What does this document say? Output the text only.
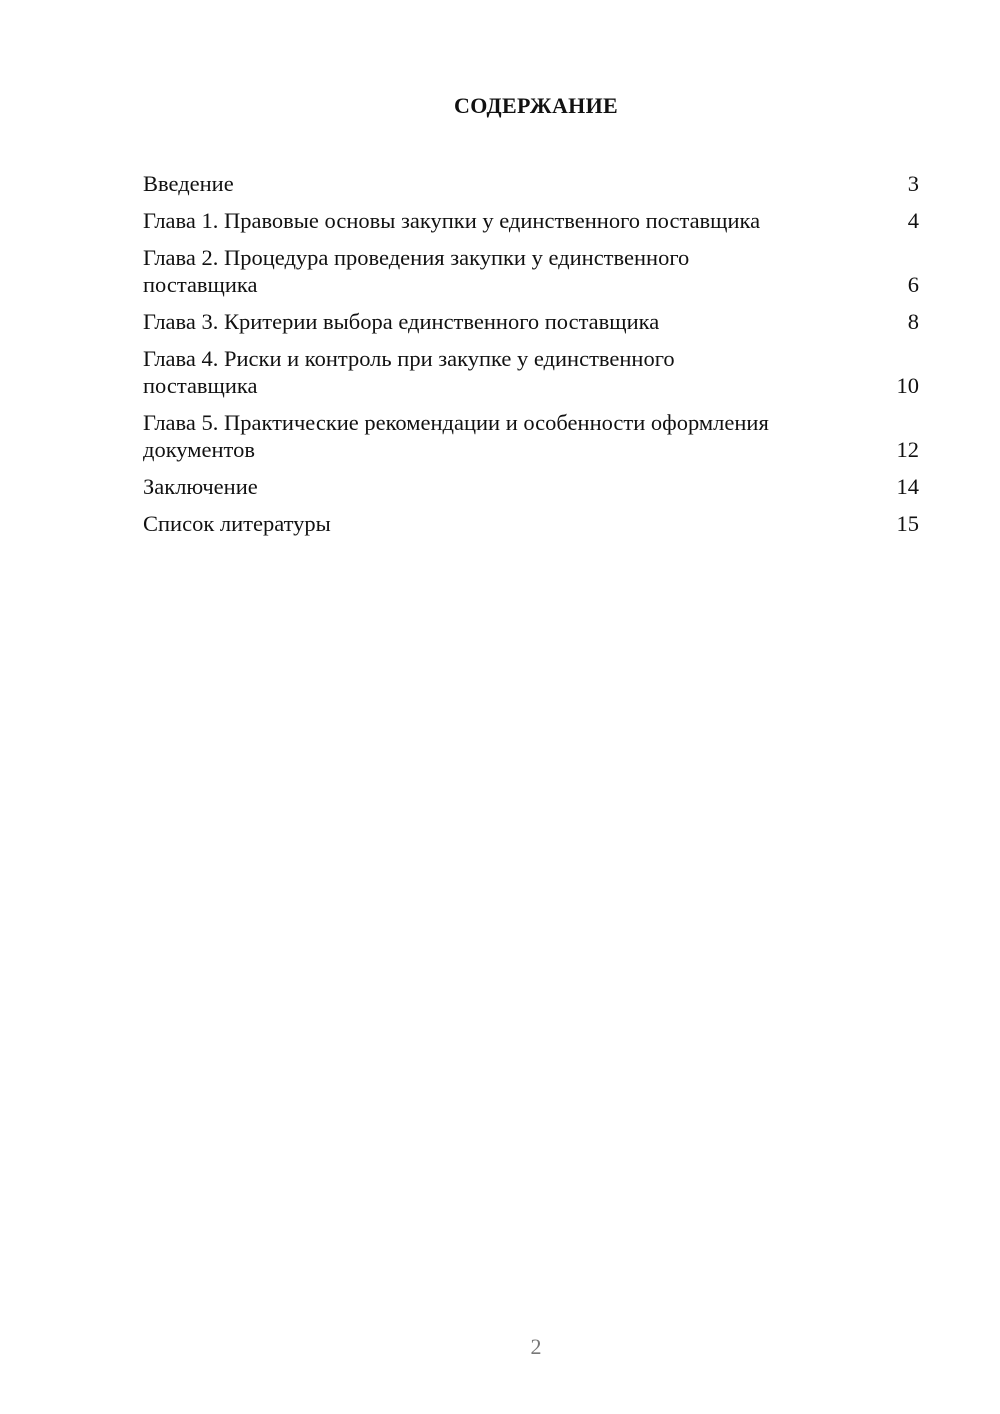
СОДЕРЖАНИЕ
Введение	3
Глава 1. Правовые основы закупки у единственного поставщика	4
Глава 2. Процедура проведения закупки у единственного поставщика	6
Глава 3. Критерии выбора единственного поставщика	8
Глава 4. Риски и контроль при закупке у единственного поставщика	10
Глава 5. Практические рекомендации и особенности оформления документов	12
Заключение	14
Список литературы	15
2
